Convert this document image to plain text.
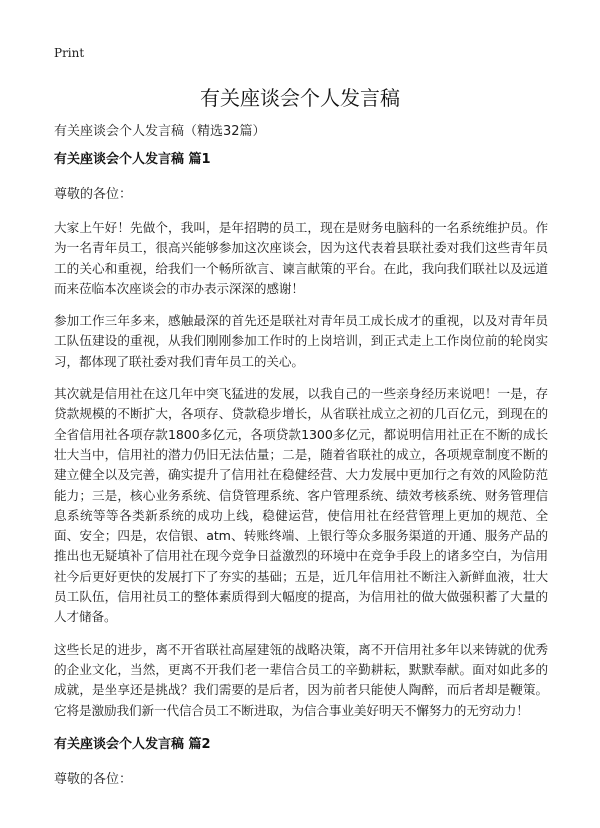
Print
有关座谈会个人发言稿
有关座谈会个人发言稿（精选32篇）
有关座谈会个人发言稿 篇1
尊敬的各位：

大家上午好！先做个，我叫，是年招聘的员工，现在是财务电脑科的一名系统维护员。作为一名青年员工，很高兴能够参加这次座谈会，因为这代表着县联社委对我们这些青年员工的关心和重视，给我们一个畅所欲言、谏言献策的平台。在此，我向我们联社以及远道而来莅临本次座谈会的市办表示深深的感谢！

参加工作三年多来，感触最深的首先还是联社对青年员工成长成才的重视，以及对青年员工队伍建设的重视，从我们刚刚参加工作时的上岗培训，到正式走上工作岗位前的轮岗实习，都体现了联社委对我们青年员工的关心。

其次就是信用社在这几年中突飞猛进的发展，以我自己的一些亲身经历来说吧！一是，存贷款规模的不断扩大，各项存、贷款稳步增长，从省联社成立之初的几百亿元，到现在的全省信用社各项存款1800多亿元，各项贷款1300多亿元，都说明信用社正在不断的成长壮大当中，信用社的潜力仍旧无法估量；二是，随着省联社的成立，各项规章制度不断的建立健全以及完善，确实提升了信用社在稳健经营、大力发展中更加行之有效的风险防范能力；三是，核心业务系统、信贷管理系统、客户管理系统、绩效考核系统、财务管理信息系统等等各类新系统的成功上线，稳健运营，使信用社在经营管理上更加的规范、全面、安全；四是，农信银、atm、转账终端、上银行等众多服务渠道的开通、服务产品的推出也无疑填补了信用社在现今竞争日益激烈的环境中在竞争手段上的诸多空白，为信用社今后更好更快的发展打下了夯实的基础；五是，近几年信用社不断注入新鲜血液，壮大员工队伍，信用社员工的整体素质得到大幅度的提高，为信用社的做大做强积蓄了大量的人才储备。

这些长足的进步，离不开省联社高屋建瓴的战略决策，离不开信用社多年以来铸就的优秀的企业文化，当然，更离不开我们老一辈信合员工的辛勤耕耘，默默奉献。面对如此多的成就，是坐享还是挑战？我们需要的是后者，因为前者只能使人陶醉，而后者却是鞭策。它将是激励我们新一代信合员工不断进取，为信合事业美好明天不懈努力的无穷动力！

有关座谈会个人发言稿 篇2
尊敬的各位：
